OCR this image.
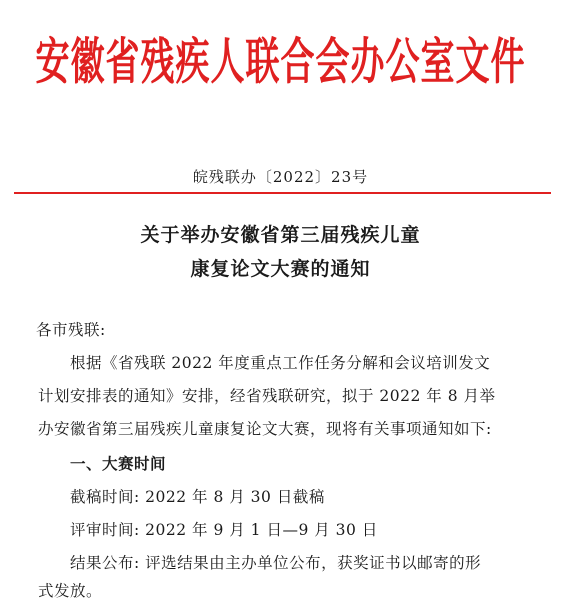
安徽省残疾人联合会办公室文件
皖残联办〔2022〕23号
关于举办安徽省第三届残疾儿童
康复论文大赛的通知
各市残联:
根据《省残联 2022 年度重点工作任务分解和会议培训发文
计划安排表的通知》安排，经省残联研究，拟于 2022 年 8 月举
办安徽省第三届残疾儿童康复论文大赛，现将有关事项通知如下:
一、大赛时间
截稿时间: 2022 年 8 月 30 日截稿
评审时间: 2022 年 9 月 1 日—9 月 30 日
结果公布: 评选结果由主办单位公布，获奖证书以邮寄的形
式发放。
